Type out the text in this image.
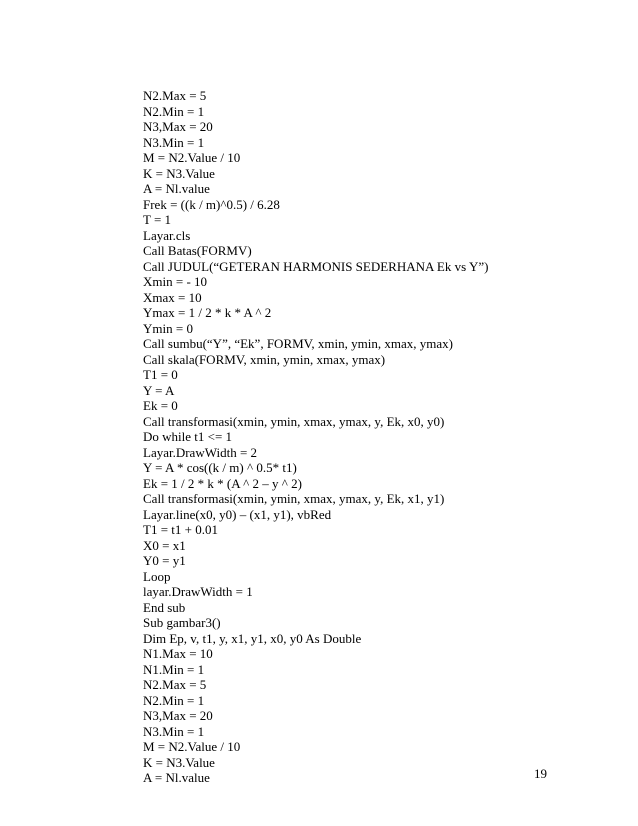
N2.Max = 5
N2.Min = 1
N3,Max = 20
N3.Min = 1
M = N2.Value / 10
K = N3.Value
A = Nl.value
Frek = ((k / m)^0.5) / 6.28
T = 1
Layar.cls
Call Batas(FORMV)
Call JUDUL(“GETERAN HARMONIS SEDERHANA Ek vs Y”)
Xmin = - 10
Xmax = 10
Ymax = 1 / 2 * k * A ^ 2
Ymin = 0
Call sumbu(“Y”, “Ek”, FORMV, xmin, ymin, xmax, ymax)
Call skala(FORMV, xmin, ymin, xmax, ymax)
T1 = 0
Y = A
Ek = 0
Call transformasi(xmin, ymin, xmax, ymax, y, Ek, x0, y0)
Do while t1 <= 1
Layar.DrawWidth = 2
Y = A * cos((k / m) ^ 0.5* t1)
Ek = 1 / 2 * k * (A ^ 2 – y ^ 2)
Call transformasi(xmin, ymin, xmax, ymax, y, Ek, x1, y1)
Layar.line(x0, y0) – (x1, y1), vbRed
T1 = t1 + 0.01
X0 = x1
Y0 = y1
Loop
layar.DrawWidth = 1
End sub
Sub gambar3()
Dim Ep, v, t1, y, x1, y1, x0, y0 As Double
N1.Max = 10
N1.Min = 1
N2.Max = 5
N2.Min = 1
N3,Max = 20
N3.Min = 1
M = N2.Value / 10
K = N3.Value
A = Nl.value	19
